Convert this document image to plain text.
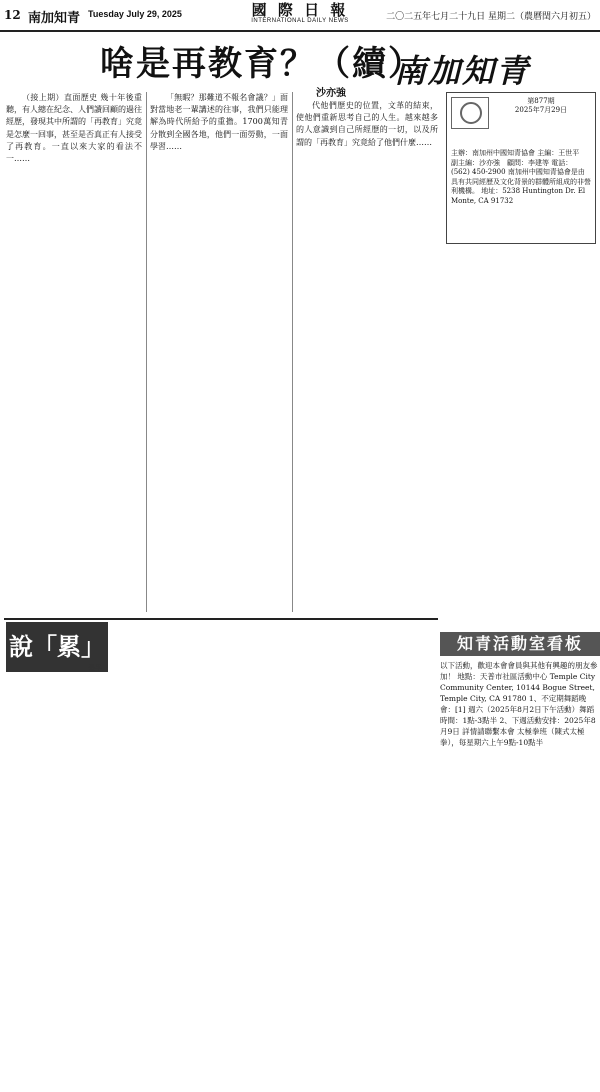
12 南加知青 Tuesday July 29, 2025	國 際 日 報
INTERNATIONAL DAILY NEWS	二〇二五年七月二十九日 星期二（農曆閏六月初五）
啥是再教育？（續）
南加知青
沙亦強

（接上期）直面歷史 幾十年後重聽，有人總在紀念、人們讀回顧的過往經歷，發現其中所謂的「再教育」究竟是怎麼一回事，甚至是否真正有人接受了再教育。一直以來大家的看法不一……

「無暇？那難道不報名會議？」面對當地老一輩講述的往事，我們只能理解為時代所給予的重擔。1700萬知青分散到全國各地，他們一面勞動，一面學習……

代他們歷史的位置，文革的結束，使他們重新思考自己的人生。越來越多的人意識到自己所經歷的一切，以及所謂的「再教育」究竟給了他們什麼……

第877期
2025年7月29日
主辦：南加州中國知青協會 主編：王世平　副主編：沙亦強　顧問：李建等 電話：(562) 450-2900 南加州中國知青協會是由具有共同經歷及文化背景的群體所組成的非營利機構。 地址：5238 Huntington Dr. El Monte, CA 91732
說「累」
張平
知青活動室看板

以下活動，歡迎本會會員與其他有興趣的朋友參加！ 地點：天普市社區活動中心 Temple City Community Center, 10144 Bogue Street, Temple City, CA 91780 1、不定期舞蹈晚會：[1] 週六（2025年8月2日下午活動）舞蹈時間：1點-3點半 2、下週活動安排：2025年8月9日 詳情請聯繫本會 太極拳班（陳式太極拳），每星期六上午9點-10點半
